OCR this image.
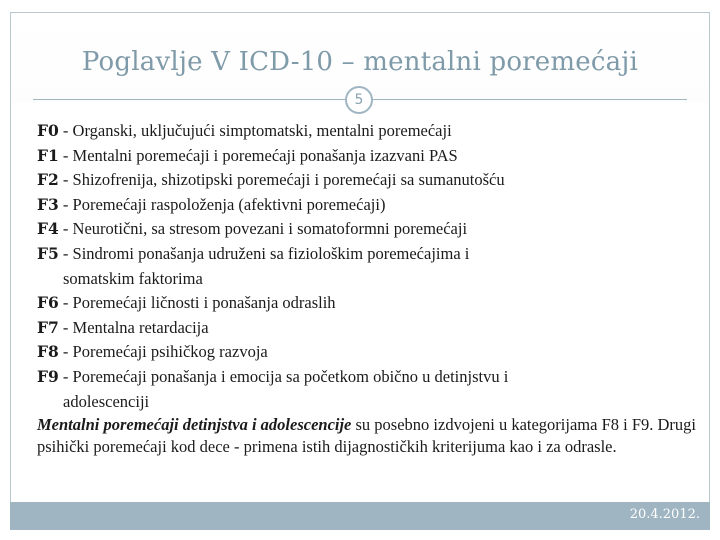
Poglavlje V ICD-10 – mentalni poremećaji
5
F0 - Organski, uključujući simptomatski, mentalni poremećaji
F1 - Mentalni poremećaji i poremećaji ponašanja izazvani PAS
F2 - Shizofrenija, shizotipski poremećaji i poremećaji sa sumanutošću
F3 - Poremećaji raspoloženja (afektivni poremećaji)
F4 - Neurotični, sa stresom povezani i somatoformni poremećaji
F5 - Sindromi ponašanja udruženi sa fiziološkim poremećajima i
somatskim faktorima
F6 - Poremećaji ličnosti i ponašanja odraslih
F7 - Mentalna retardacija
F8 - Poremećaji psihičkog razvoja
F9 - Poremećaji ponašanja i emocija sa početkom obično u detinjstvu i
adolescenciji
Mentalni poremećaji detinjstva i adolescencije su posebno izdvojeni u kategorijama F8 i F9. Drugi psihički poremećaji kod dece - primena istih dijagnostičkih kriterijuma kao i za odrasle.
20.4.2012.
